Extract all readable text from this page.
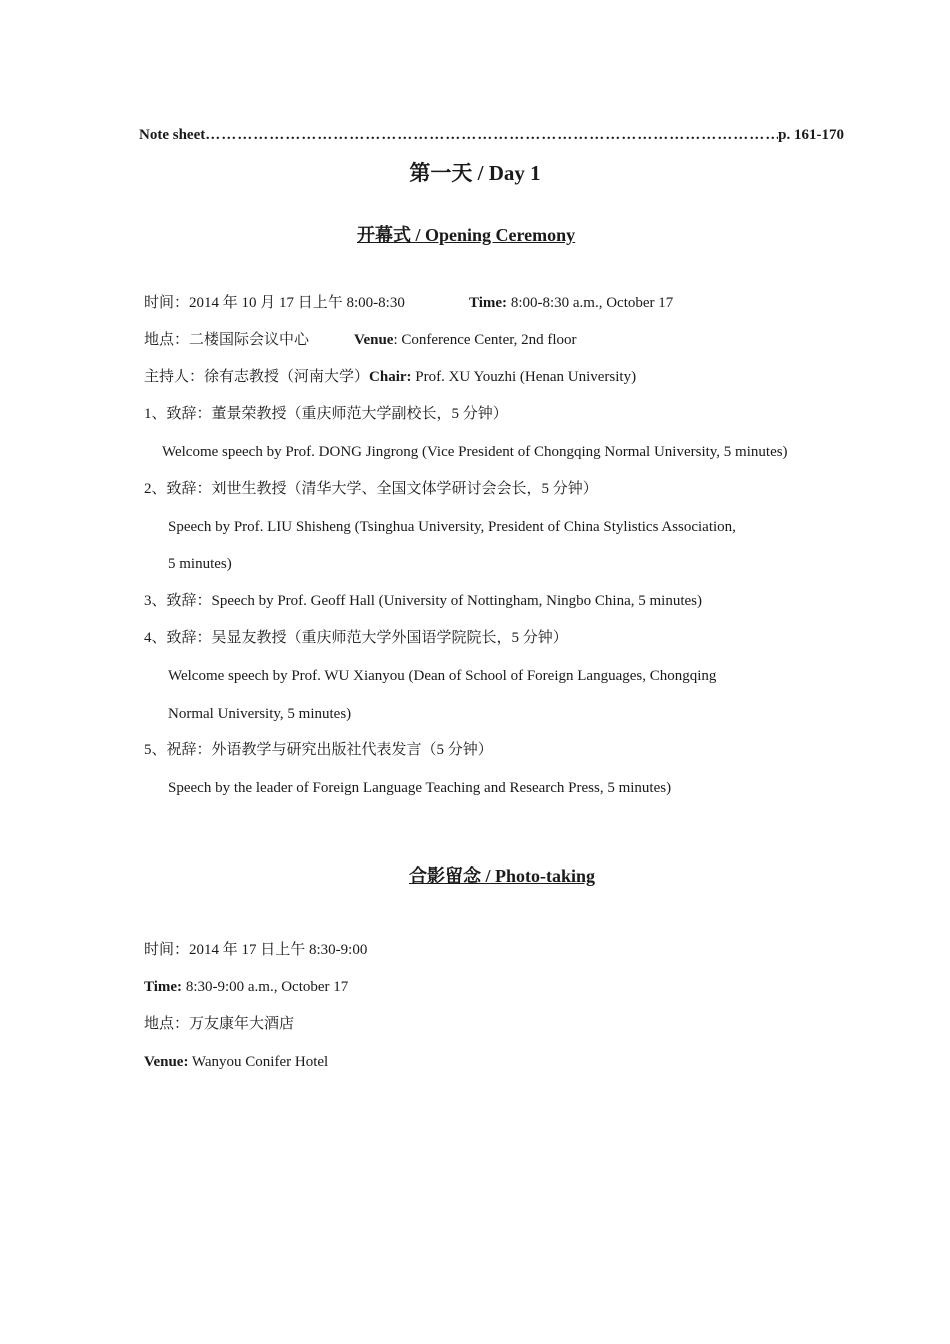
Note sheet
…………………………………………………………………………………………………………………………………………………………	p. 161-170
第一天 / Day 1
开幕式 / Opening Ceremony
时间：2014 年 10 月 17 日上午 8:00-8:30	Time: 8:00-8:30 a.m., October 17
地点：二楼国际会议中心	Venue: Conference Center, 2nd floor
主持人：徐有志教授（河南大学）Chair: Prof. XU Youzhi (Henan University)
1、致辞：董景荣教授（重庆师范大学副校长，5 分钟）
Welcome speech by Prof. DONG Jingrong (Vice President of Chongqing Normal University, 5 minutes)
2、致辞：刘世生教授（清华大学、全国文体学研讨会会长，5 分钟）
Speech by Prof. LIU Shisheng (Tsinghua University, President of China Stylistics Association,
5 minutes)
3、致辞：Speech by Prof. Geoff Hall (University of Nottingham, Ningbo China, 5 minutes)
4、致辞：吴显友教授（重庆师范大学外国语学院院长，5 分钟）
Welcome speech by Prof. WU Xianyou (Dean of School of Foreign Languages, Chongqing
Normal University, 5 minutes)
5、祝辞：外语教学与研究出版社代表发言（5 分钟）
Speech by the leader of Foreign Language Teaching and Research Press, 5 minutes)
合影留念 / Photo-taking
时间：2014 年 17 日上午 8:30-9:00
Time: 8:30-9:00 a.m., October 17
地点：万友康年大酒店
Venue: Wanyou Conifer Hotel
